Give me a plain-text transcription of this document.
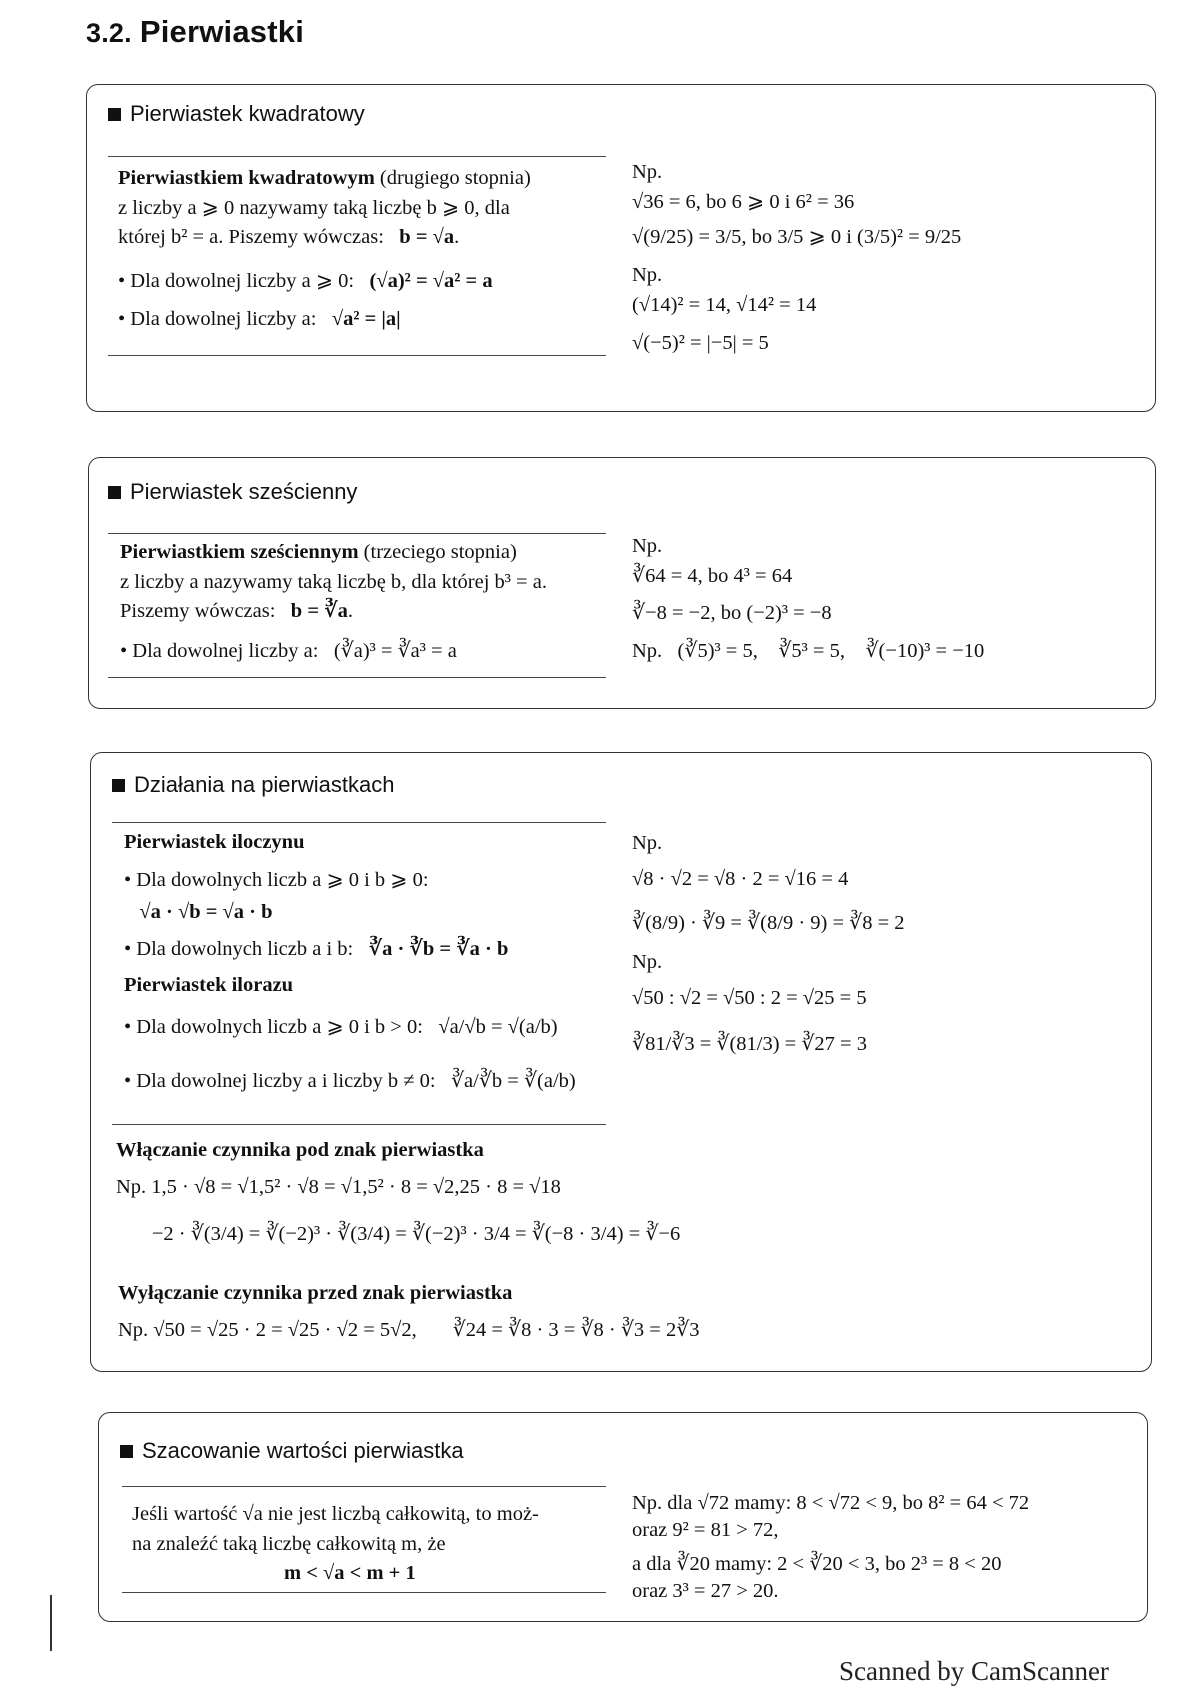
3.2. Pierwiastki
Pierwiastek kwadratowy
Pierwiastkiem kwadratowym (drugiego stopnia)
z liczby a ⩾ 0 nazywamy taką liczbę b ⩾ 0, dla
której b² = a. Piszemy wówczas:   b = √a.
• Dla dowolnej liczby a ⩾ 0:   (√a)² = √a² = a
• Dla dowolnej liczby a:   √a² = |a|
Np.
√36 = 6, bo 6 ⩾ 0 i 6² = 36
√(9/25) = 3/5, bo 3/5 ⩾ 0 i (3/5)² = 9/25
Np.
(√14)² = 14, √14² = 14
√(−5)² = |−5| = 5
Pierwiastek sześcienny
Pierwiastkiem sześciennym (trzeciego stopnia)
z liczby a nazywamy taką liczbę b, dla której b³ = a.
Piszemy wówczas:   b = ∛a.
• Dla dowolnej liczby a:   (∛a)³ = ∛a³ = a
Np.
∛64 = 4, bo 4³ = 64
∛−8 = −2, bo (−2)³ = −8
Np.   (∛5)³ = 5,    ∛5³ = 5,    ∛(−10)³ = −10
Działania na pierwiastkach
Pierwiastek iloczynu
• Dla dowolnych liczb a ⩾ 0 i b ⩾ 0:
√a · √b = √a · b
• Dla dowolnych liczb a i b:   ∛a · ∛b = ∛a · b
Pierwiastek ilorazu
• Dla dowolnych liczb a ⩾ 0 i b > 0:   √a/√b = √(a/b)
• Dla dowolnej liczby a i liczby b ≠ 0:   ∛a/∛b = ∛(a/b)
Np.
√8 · √2 = √8 · 2 = √16 = 4
∛(8/9) · ∛9 = ∛(8/9 · 9) = ∛8 = 2
Np.
√50 : √2 = √50 : 2 = √25 = 5
∛81/∛3 = ∛(81/3) = ∛27 = 3
Włączanie czynnika pod znak pierwiastka
Np. 1,5 · √8 = √1,5² · √8 = √1,5² · 8 = √2,25 · 8 = √18
−2 · ∛(3/4) = ∛(−2)³ · ∛(3/4) = ∛(−2)³ · 3/4 = ∛(−8 · 3/4) = ∛−6
Wyłączanie czynnika przed znak pierwiastka
Np. √50 = √25 · 2 = √25 · √2 = 5√2,       ∛24 = ∛8 · 3 = ∛8 · ∛3 = 2∛3
Szacowanie wartości pierwiastka
Jeśli wartość √a nie jest liczbą całkowitą, to moż-
na znaleźć taką liczbę całkowitą m, że
m < √a < m + 1
Np. dla √72 mamy: 8 < √72 < 9, bo 8² = 64 < 72
oraz 9² = 81 > 72,
a dla ∛20 mamy: 2 < ∛20 < 3, bo 2³ = 8 < 20
oraz 3³ = 27 > 20.
Scanned by CamScanner
